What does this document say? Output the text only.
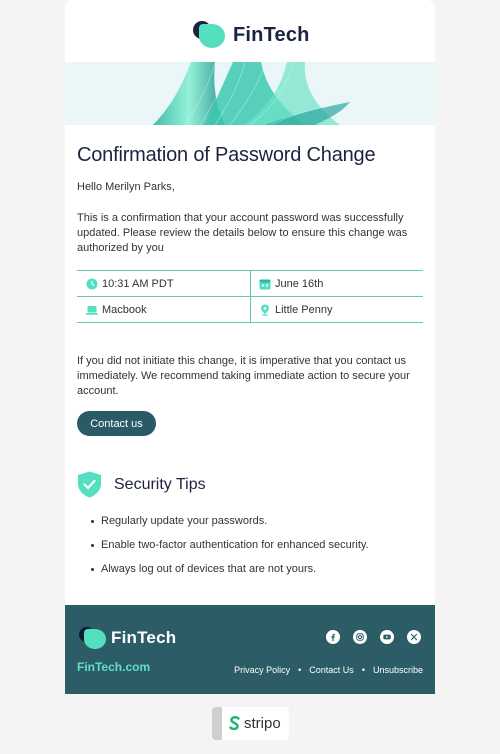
FinTech
Confirmation of Password Change

Hello Merilyn Parks,

This is a confirmation that your account password was successfully updated. Please review the details below to ensure this change was authorized by you

10:31 AM PDT	June 16th
Macbook	Little Penny

If you did not initiate this change, it is imperative that you contact us immediately. We recommend taking immediate action to secure your account.

Contact us
Security Tips
Regularly update your passwords.
Enable two-factor authentication for enhanced security.
Always log out of devices that are not yours.
FinTech
FinTech.com	Privacy Policy • Contact Us • Unsubscribe
stripo
